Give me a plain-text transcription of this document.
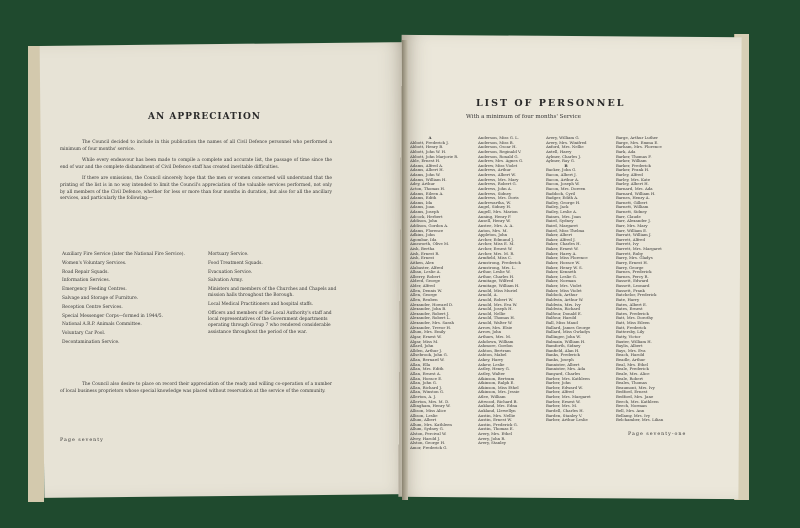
AN APPRECIATION

The Council decided to include in this publication the names of all Civil Defence personnel who performed a minimum of four months' service.

While every endeavour has been made to compile a complete and accurate list, the passage of time since the end of war and the complete disbandment of Civil Defence staff has created inevitable difficulties.

If there are omissions, the Council sincerely hope that the men or women concerned will understand that the printing of the list is in no way intended to limit the Council's appreciation of the valuable services performed, not only by all members of the Civil Defence, whether for less or more than four months in duration, but also for all the ancillary services, and particularly the following:—

Auxiliary Fire Service (later the National Fire Service).
Women's Voluntary Services.
Road Repair Squads.
Information Services.
Emergency Feeding Centres.
Salvage and Storage of Furniture.
Reception Centre Services.
Special Messenger Corps—formed in 1944/5.
National A.R.P. Animals Committee.
Voluntary Car Pool.
Decontamination Service.
Mortuary Service.
Food Treatment Squads.
Evacuation Service.
Salvation Army.
Ministers and members of the Churches and Chapels and mission halls throughout the Borough.
Local Medical Practitioners and hospital staffs.
Officers and members of the Local Authority's staff and local representatives of the Government departments operating through Group 7 who rendered considerable assistance throughout the period of the war.

The Council also desire to place on record their appreciation of the ready and willing co-operation of a number of local business proprietors whose special knowledge was placed without reservation at the service of the community.

Page seventy
LIST OF PERSONNEL
With a minimum of four months' Service
A
Abbott, Frederick J.
Abbott, Henry B.
Abbott, John W. H.
Abbott, John Marjorie R.
Able, Ernest H.
Adams, Alfred A.
Adams, Albert H.
Adams, John W.
Adams, William H.
Adey, Arthur
Acton, Thomas H.
Adams, Eileen A.
Adams, Edith
Adams, Ida
Adams, Joan
Adams, Joseph
Adcock, Herbert
Addison, John
Addison, Gordon A.
Adams, Florence
Adkins, John
Agombar, Ida
Ainsworth, Olive M.
Aish, Bertha
Aish, Ernest R.
Aish, Ernest
Aitken, Alex
Alabaster, Alfred
Alban, Leslie A.
Alberry, Robert
Aldred, George
Alder, Alfred
Allen, Dennis W.
Allen, George
Allen, Reuben
Alexander, Howard D.
Alexander, John B.
Alexander, Robert J.
Alexander, Robert L.
Alexander, Mrs. Sarah
Alexander, Trevor H.
Allum, Mrs. Emily
Algar, Ernest W.
Algar, Miss M.
Allard, John
Allden, Arthur J.
Allsebrook, John G.
Allan, Bernard W.
Allan, Ella
Allan, Mrs. Edith
Allan, Ernest A.
Allan, Horace E.
Allan, John G.
Allan, Richard J.
Allan, Winston G.
Allerton, A. J.
Allerton, Mrs. M. D.
Allingham, Henry W.
Allison, Miss Alice
Allison, Leslie
Allum, Albert
Allum, Mrs. Kathleen
Allum, Sydney G.
Alston, Percival W.
Alvey, Harold J.
Alston, George H.
Amor, Frederick G.
Anderson, Miss G. L.
Anderson, Miss B.
Anderson, Oscar H.
Anderson, Reginald V.
Anderson, Ronald G.
Andrew, Mrs. Agnes G.
Andrew, Miss Violet
Andrews, Arthur
Andrews, Albert W.
Andrews, Mrs. Mary
Andrews, Robert G.
Andrews, John A.
Andrews, Sidney
Andrews, Mrs. Doris
Andrewartha, W.
Angel, Sidney H.
Angell, Mrs. Marion
Anning, Henry F.
Ansell, Henry W.
Anstee, Mrs. A. A.
Anton, Mrs. M.
Appleton, John
Archer, Edmund J.
Archer, Miss E. M.
Archer, Ernest W.
Archer, Mrs. M. R.
Armfield, Miss C.
Armstrong, Frederick
Armstrong, Mrs. L.
Arthur, Leslie W.
Arthur, Charles H.
Armitage, Wilfred
Armitage, William H.
Arnold, Miss Muriel
Arnold, A.
Arnold, Robert W.
Arnold, Mrs. Eva W.
Arnold, Joseph H.
Arnold, Nellie
Arnold, Thomas H.
Arnold, Walter W.
Arrow, Mrs. Elsie
Arrow, John
Arthurs, Mrs. M.
Ashdown, William
Ashmore, Gordon
Ashton, Bertram
Ashton, Mabel
Askey, Harry
Askew, Leslie
Astley, Henry G.
Astley, Walter
Atkinson, Bertram
Atkinson, Ralph E.
Atkinson, Miss Ethel
Atkinson, Mrs. Jessie
Atlee, William
Attwood, Richard B.
Aukland, Mrs. Edna
Aukland, Llewellyn
Austin, Mrs. Nellie
Austin, Ernest W.
Austin, Frederick G.
Austin, Thomas E.
Avery, Mrs. Ethel
Avery, John R.
Avery, Stanley
Avery, William G.
Avery, Mrs. Winifred
Axford, Mrs. Nellie
Axtell, Harry
Aylmer, Charles J.
Aylmer, Ray G.
B
Backer, John G.
Bacon, Albert J.
Bacon, Arthur A.
Bacon, Joseph W.
Bacon, Mrs. Doreen
Baddock, Cyril
Badger, Edith A.
Bailey, George H.
Bailey, Jack
Bailey, Leslie A.
Baines, Mrs. Joan
Baird, Sydney
Baird, Margaret
Baird, Miss Thelma
Baker, Albert
Baker, Alfred J.
Baker, Charles H.
Baker, Ernest W.
Baker, Harry A.
Baker, Miss Florence
Baker, Horace W.
Baker, Henry W. S.
Baker, Kenneth
Baker, Leslie G.
Baker, Norman
Baker, Mrs. Violet
Baker, Miss Violet
Baldock, Arthur
Baldwin, Arthur W.
Baldwin, Mrs. Ivy
Baldwin, Richard
Balfour, Donald E.
Balfour, Harold
Ball, Miss Maud
Ballard, James George
Ballard, Miss Gwladys
Ballinger, John W.
Balmain, William H.
Bamforth, Sidney
Banfield, Alan H.
Banks, Frederick
Banks, Joseph
Bannister, Albert
Bannister, Mrs. Ada
Banyard, Charles
Barber, Mrs. Kathleen
Barber, John
Barber, Edward W.
Barber, Alfred
Barber, Mrs. Margaret
Barber, Ernest W.
Barber, Mrs. M.
Bardell, Charles H.
Barden, Stanley V.
Barber, Arthur Leslie
Barge, Arthur Luther
Barge, Mrs. Emma E.
Barham, Mrs. Florence
Bark, Ada
Barker, Thomas F.
Barker, William
Barker, Frederick
Barker, Frank H.
Barley, Alfred
Barley, Mrs. Kate
Barley, Albert H.
Barnard, Mrs. Ada
Barnard, William H.
Barnes, Henry A.
Barnett, Gilbert
Barnett, William
Barnett, Sidney
Barr, Claude
Barr, Alexander J.
Barr, Mrs. Mary
Barr, William E.
Barratt, William J.
Barrett, Alfred
Barrett, Ivy
Barrett, Mrs. Margaret
Barrett, Ruby
Barry, Mrs. Gladys
Barry, Ernest H.
Barry, George
Barnes, Frederick
Barnes, Percy R.
Bassett, Edward
Bassett, Leonard
Bassett, Frank
Batchelor, Frederick
Bate, Harry
Bates, Albert E.
Bates, Ernest
Bates, Frederick
Batt, Mrs. Dorothy
Batt, Miss Eileen
Batt, Frederick
Battersby, Lily
Batty, Victor
Baxter, William H.
Baylis, Albert
Bays, Mrs. Eva
Beach, Harold
Beadle, Arthur
Beal, Mrs. Ethel
Beale, Frederick
Beale, Mrs. Alice
Beale, Robert
Beales, Thomas
Beaumont, Mrs. Ivy
Bedford, Ernest
Bedford, Mrs. Jane
Beech, Mrs. Kathleen
Beech, Norman
Bell, Mrs. Ann
Bellamy, Mrs. Ivy
Belchamber, Mrs. Lilian
Page seventy-one
